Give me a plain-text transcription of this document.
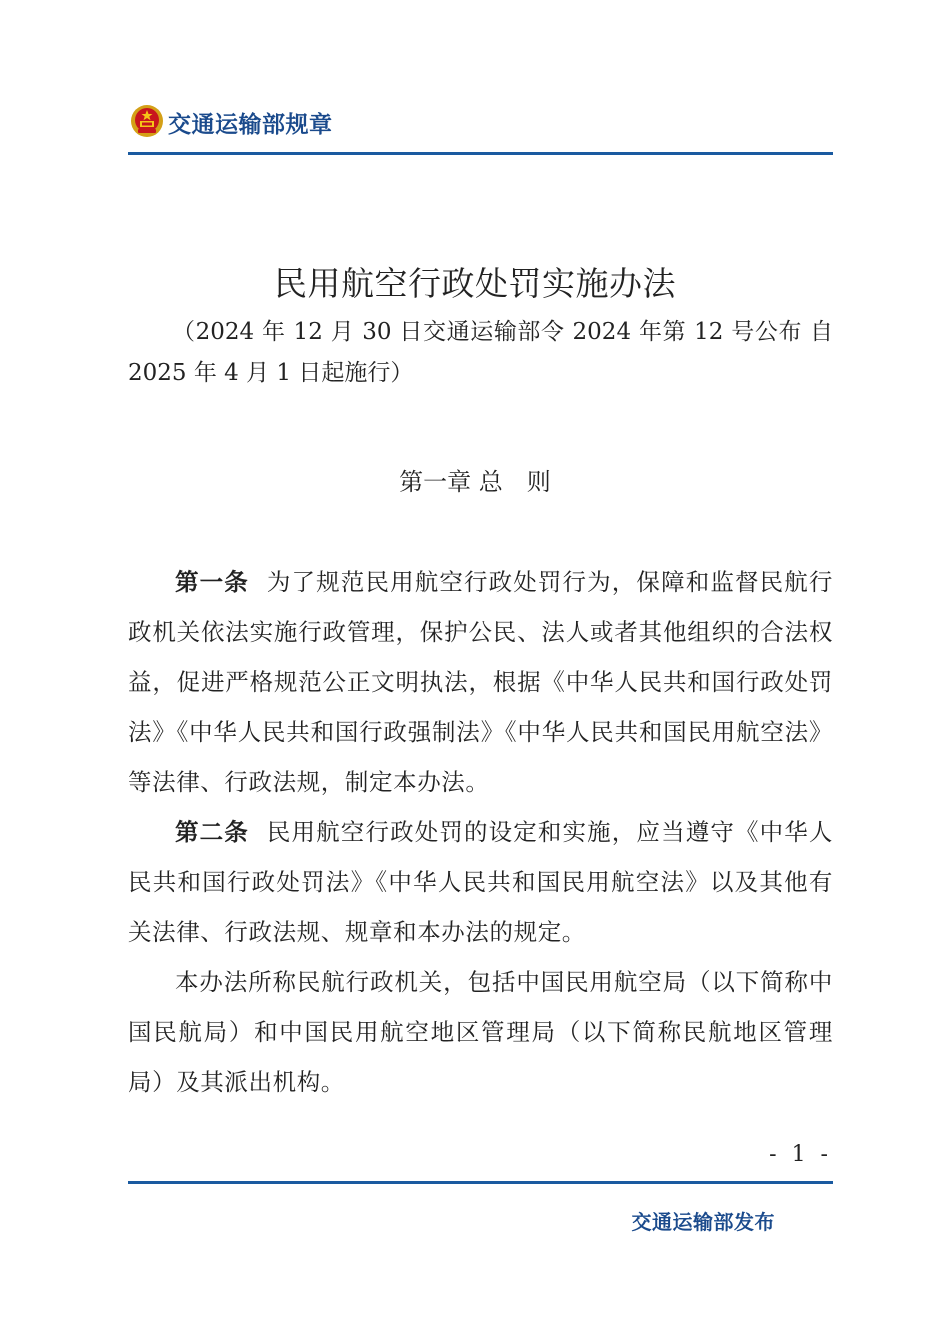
交通运输部规章
民用航空行政处罚实施办法
（2024 年 12 月 30 日交通运输部令 2024 年第 12 号公布 自 2025 年 4 月 1 日起施行）
第一章 总　则

第一条 为了规范民用航空行政处罚行为，保障和监督民航行政机关依法实施行政管理，保护公民、法人或者其他组织的合法权益，促进严格规范公正文明执法，根据《中华人民共和国行政处罚法》《中华人民共和国行政强制法》《中华人民共和国民用航空法》等法律、行政法规，制定本办法。

第二条 民用航空行政处罚的设定和实施，应当遵守《中华人民共和国行政处罚法》《中华人民共和国民用航空法》以及其他有关法律、行政法规、规章和本办法的规定。

本办法所称民航行政机关，包括中国民用航空局（以下简称中国民航局）和中国民用航空地区管理局（以下简称民航地区管理局）及其派出机构。

- 1 -
交通运输部发布
